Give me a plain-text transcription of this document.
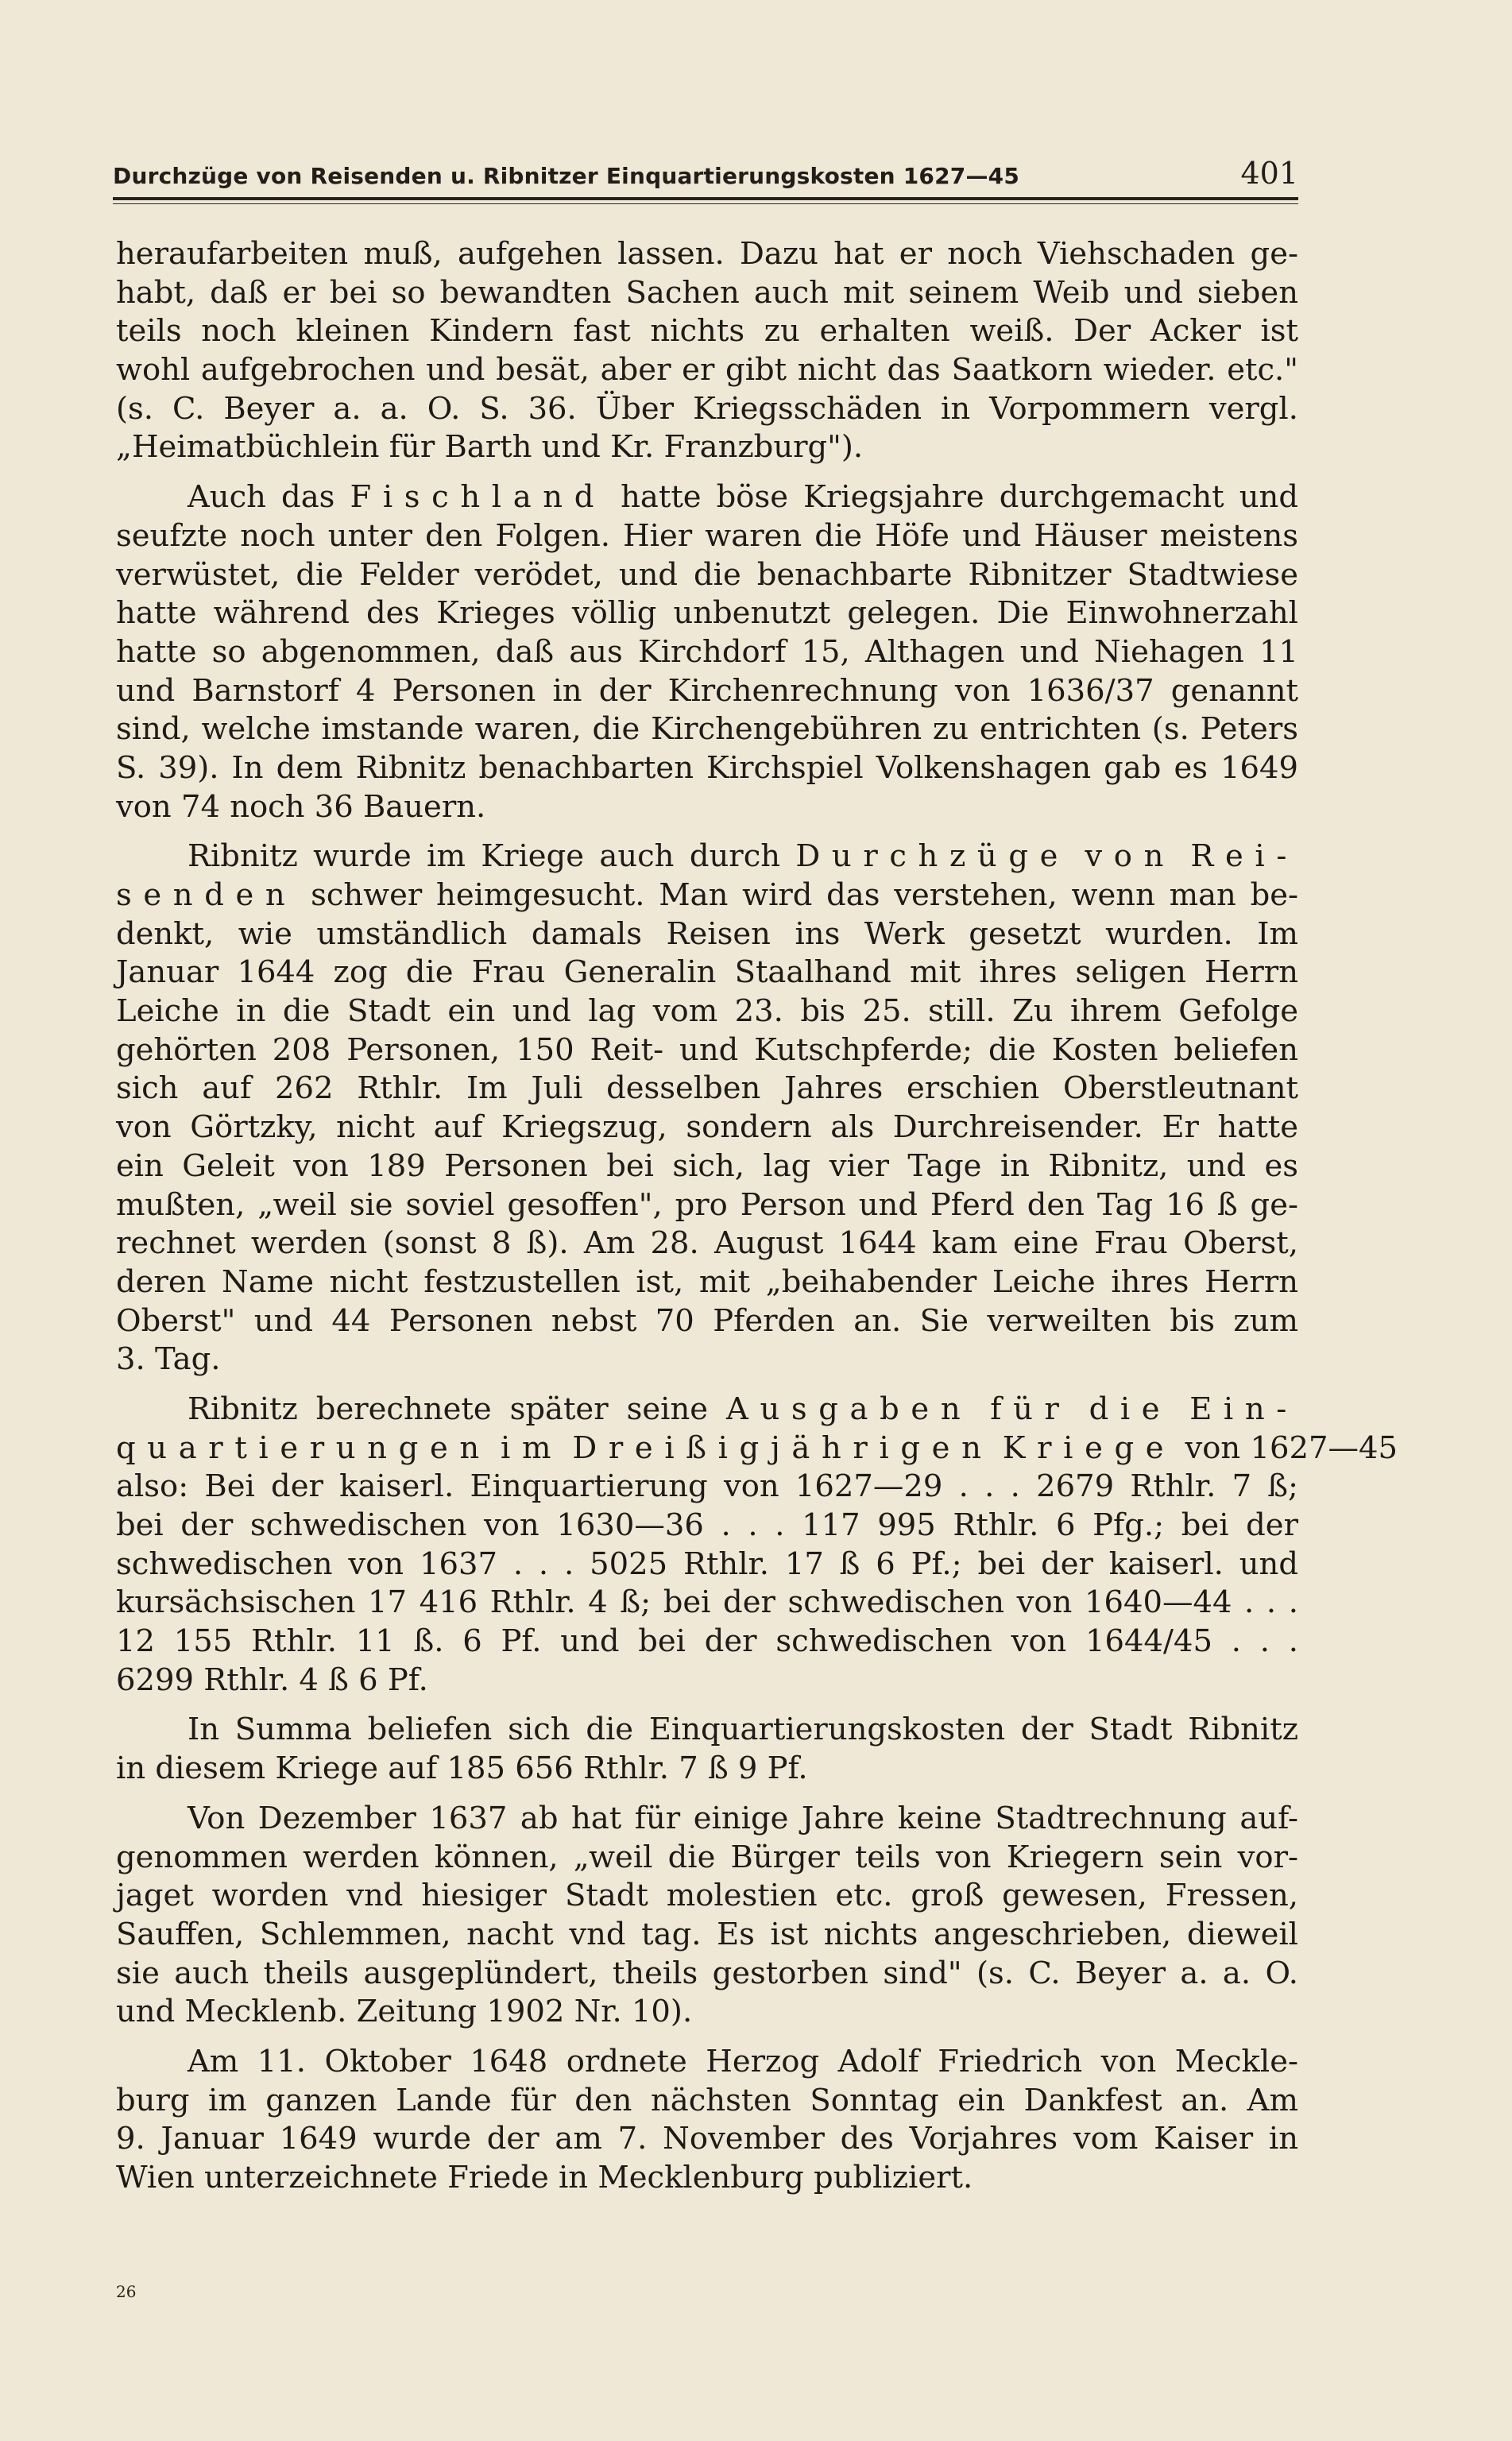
Durchzüge von Reisenden u. Ribnitzer Einquartierungskosten 1627—45	401
heraufarbeiten muß, aufgehen lassen. Dazu hat er noch Viehschaden ge-
habt, daß er bei so bewandten Sachen auch mit seinem Weib und sieben
teils noch kleinen Kindern fast nichts zu erhalten weiß. Der Acker ist
wohl aufgebrochen und besät, aber er gibt nicht das Saatkorn wieder. etc."
(s. C. Beyer a. a. O. S. 36. Über Kriegsschäden in Vorpommern vergl.
„Heimatbüchlein für Barth und Kr. Franzburg").
Auch das Fischland hatte böse Kriegsjahre durchgemacht und
seufzte noch unter den Folgen. Hier waren die Höfe und Häuser meistens
verwüstet, die Felder verödet, und die benachbarte Ribnitzer Stadtwiese
hatte während des Krieges völlig unbenutzt gelegen. Die Einwohnerzahl
hatte so abgenommen, daß aus Kirchdorf 15, Althagen und Niehagen 11
und Barnstorf 4 Personen in der Kirchenrechnung von 1636/37 genannt
sind, welche imstande waren, die Kirchengebühren zu entrichten (s. Peters
S. 39). In dem Ribnitz benachbarten Kirchspiel Volkenshagen gab es 1649
von 74 noch 36 Bauern.
Ribnitz wurde im Kriege auch durch Durchzüge von Rei-
senden schwer heimgesucht. Man wird das verstehen, wenn man be-
denkt, wie umständlich damals Reisen ins Werk gesetzt wurden. Im
Januar 1644 zog die Frau Generalin Staalhand mit ihres seligen Herrn
Leiche in die Stadt ein und lag vom 23. bis 25. still. Zu ihrem Gefolge
gehörten 208 Personen, 150 Reit- und Kutschpferde; die Kosten beliefen
sich auf 262 Rthlr. Im Juli desselben Jahres erschien Oberstleutnant
von Görtzky, nicht auf Kriegszug, sondern als Durchreisender. Er hatte
ein Geleit von 189 Personen bei sich, lag vier Tage in Ribnitz, und es
mußten, „weil sie soviel gesoffen", pro Person und Pferd den Tag 16 ß ge-
rechnet werden (sonst 8 ß). Am 28. August 1644 kam eine Frau Oberst,
deren Name nicht festzustellen ist, mit „beihabender Leiche ihres Herrn
Oberst" und 44 Personen nebst 70 Pferden an. Sie verweilten bis zum
3. Tag.
Ribnitz berechnete später seine Ausgaben für die Ein-
quartierungen im Dreißigjährigen Kriege von 1627—45
also: Bei der kaiserl. Einquartierung von 1627—29 . . . 2679 Rthlr. 7 ß;
bei der schwedischen von 1630—36 . . . 117 995 Rthlr. 6 Pfg.; bei der
schwedischen von 1637 . . . 5025 Rthlr. 17 ß 6 Pf.; bei der kaiserl. und
kursächsischen 17 416 Rthlr. 4 ß; bei der schwedischen von 1640—44 . . .
12 155 Rthlr. 11 ß. 6 Pf. und bei der schwedischen von 1644/45 . . .
6299 Rthlr. 4 ß 6 Pf.
In Summa beliefen sich die Einquartierungskosten der Stadt Ribnitz
in diesem Kriege auf 185 656 Rthlr. 7 ß 9 Pf.
Von Dezember 1637 ab hat für einige Jahre keine Stadtrechnung auf-
genommen werden können, „weil die Bürger teils von Kriegern sein vor-
jaget worden vnd hiesiger Stadt molestien etc. groß gewesen, Fressen,
Sauffen, Schlemmen, nacht vnd tag. Es ist nichts angeschrieben, dieweil
sie auch theils ausgeplündert, theils gestorben sind" (s. C. Beyer a. a. O.
und Mecklenb. Zeitung 1902 Nr. 10).
Am 11. Oktober 1648 ordnete Herzog Adolf Friedrich von Meckle-
burg im ganzen Lande für den nächsten Sonntag ein Dankfest an. Am
9. Januar 1649 wurde der am 7. November des Vorjahres vom Kaiser in
Wien unterzeichnete Friede in Mecklenburg publiziert.
26
